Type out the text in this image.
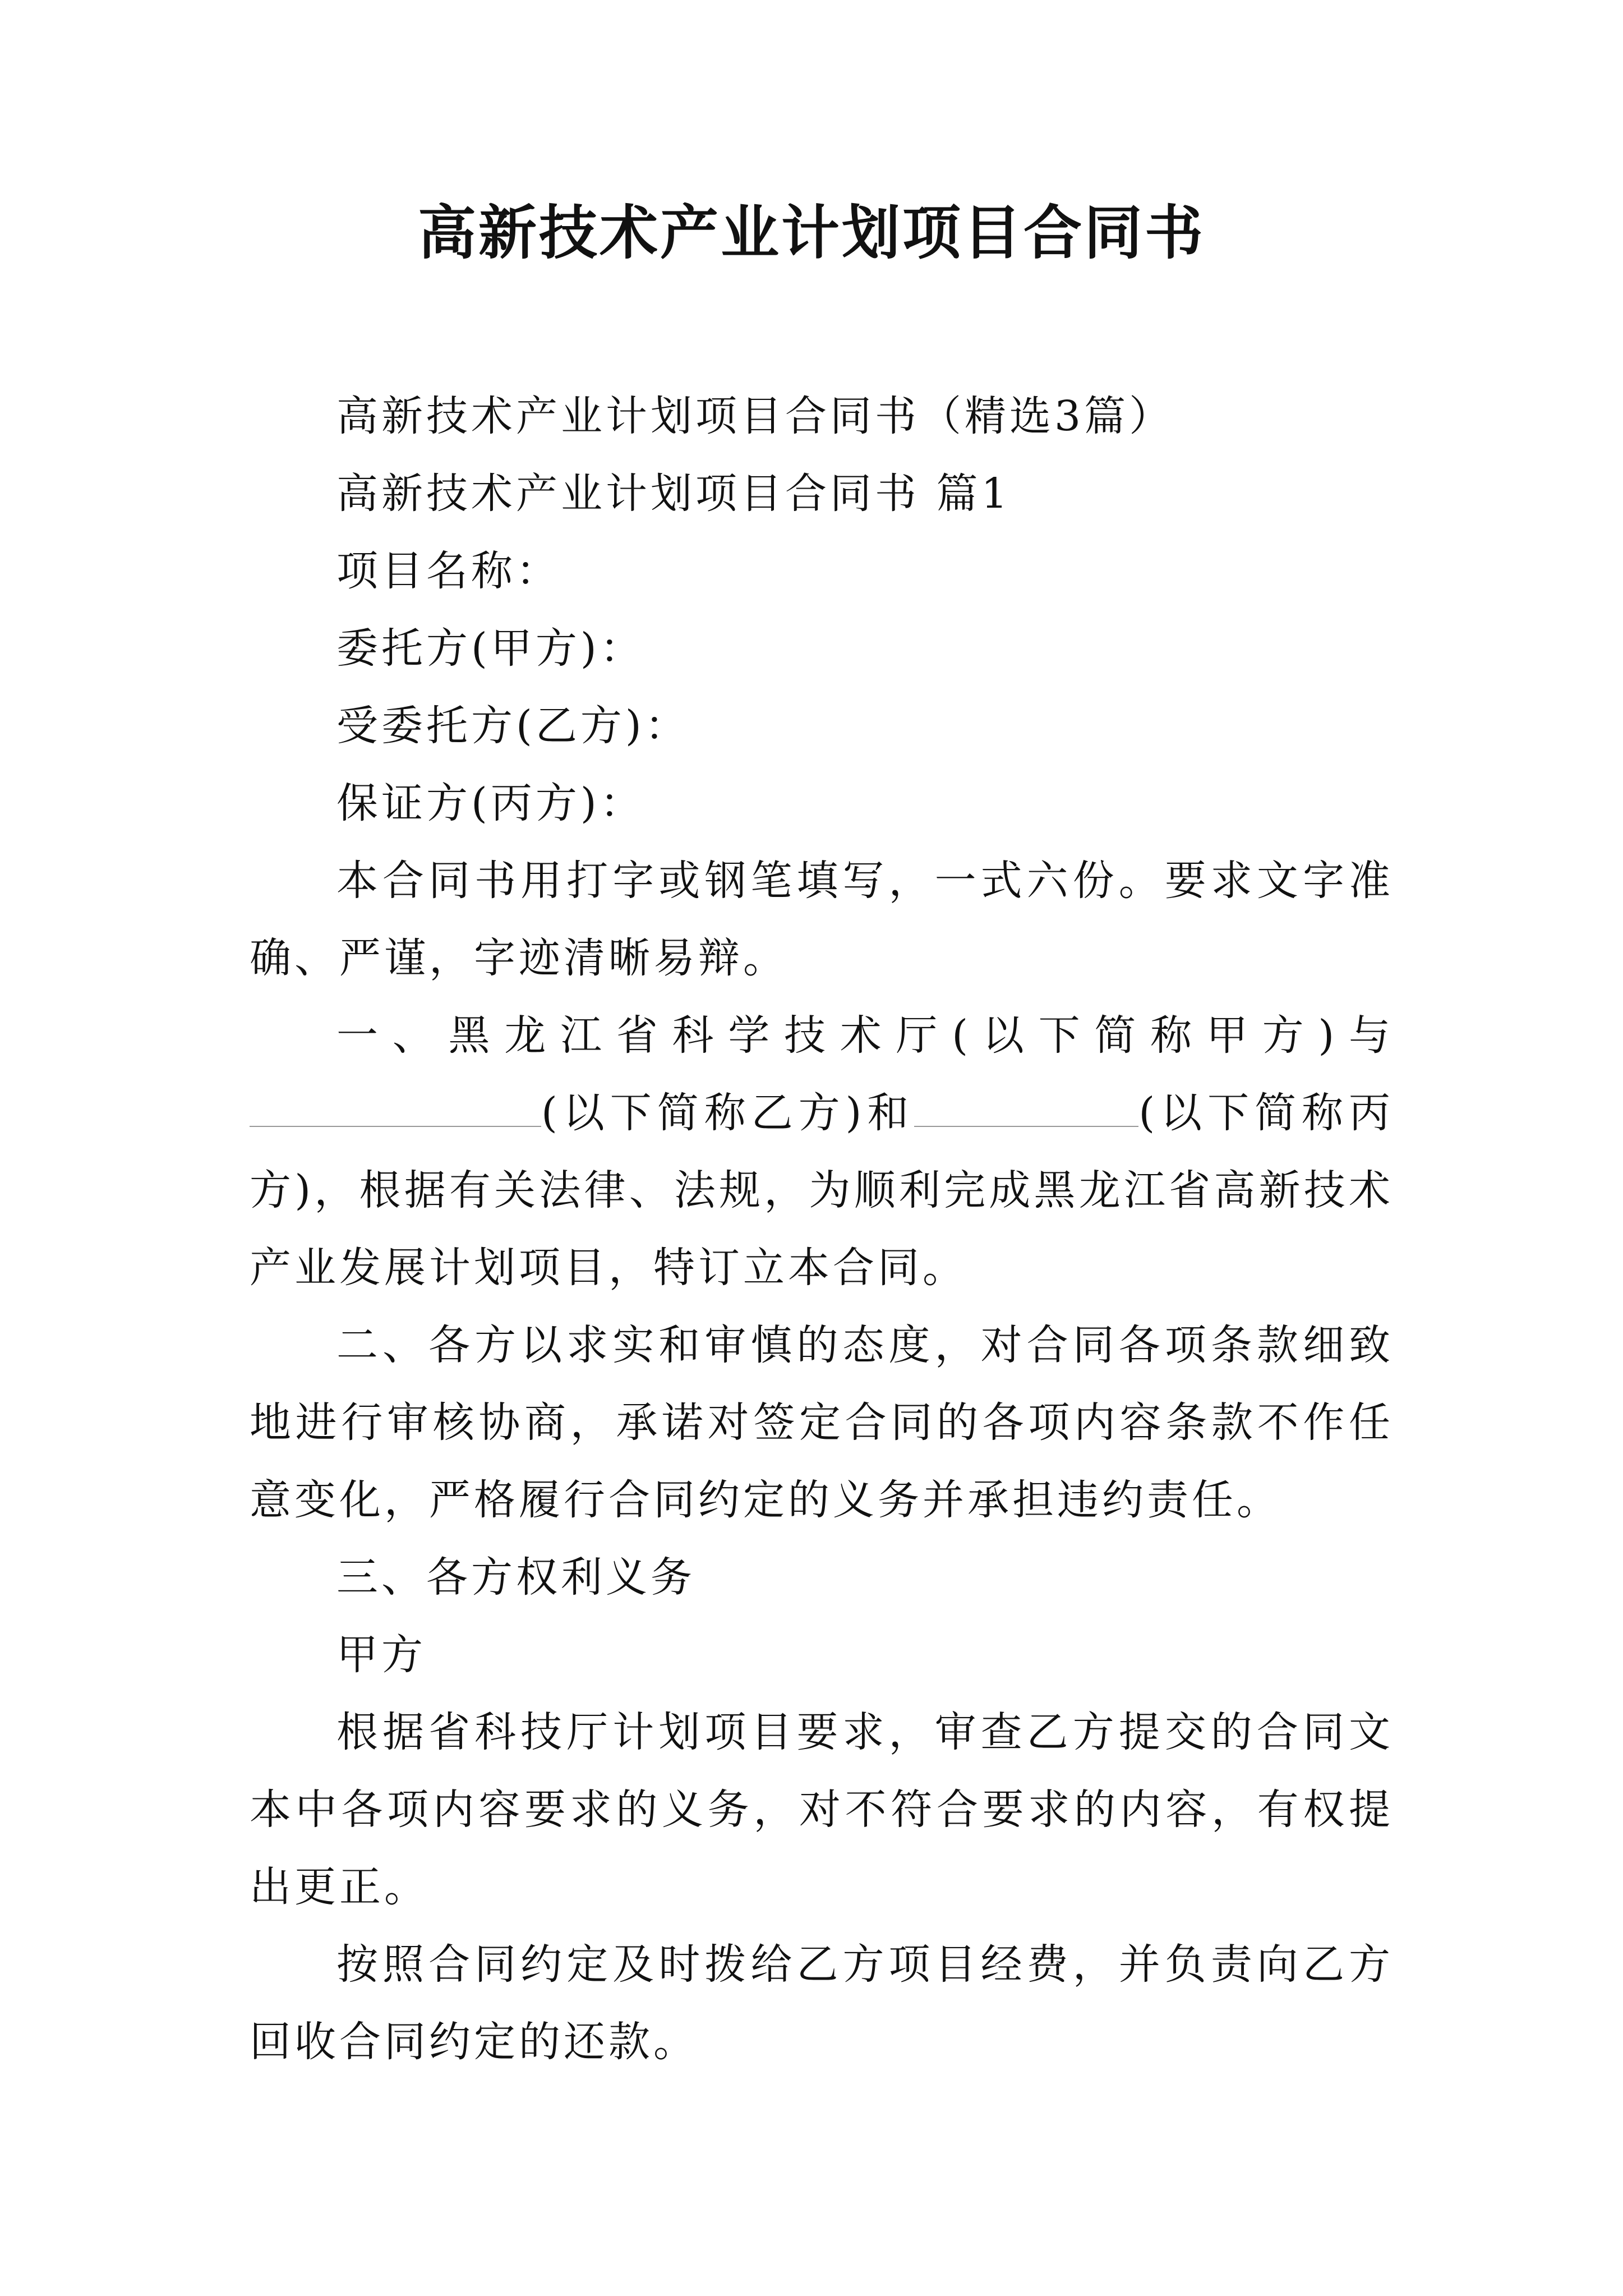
高新技术产业计划项目合同书

高新技术产业计划项目合同书（精选3篇）

高新技术产业计划项目合同书 篇1

项目名称：

委托方(甲方)：

受委托方(乙方)：

保证方(丙方)：

本合同书用打字或钢笔填写，一式六份。要求文字准确、严谨，字迹清晰易辩。

一、黑龙江省科学技术厅(以下简称甲方)与(以下简称乙方)和	(以下简称丙方)，根据有关法律、法规，为顺利完成黑龙江省高新技术产业发展计划项目，特订立本合同。

二、各方以求实和审慎的态度，对合同各项条款细致地进行审核协商，承诺对签定合同的各项内容条款不作任意变化，严格履行合同约定的义务并承担违约责任。

三、各方权利义务

甲方

根据省科技厅计划项目要求，审查乙方提交的合同文本中各项内容要求的义务，对不符合要求的内容，有权提出更正。

按照合同约定及时拨给乙方项目经费，并负责向乙方回收合同约定的还款。
